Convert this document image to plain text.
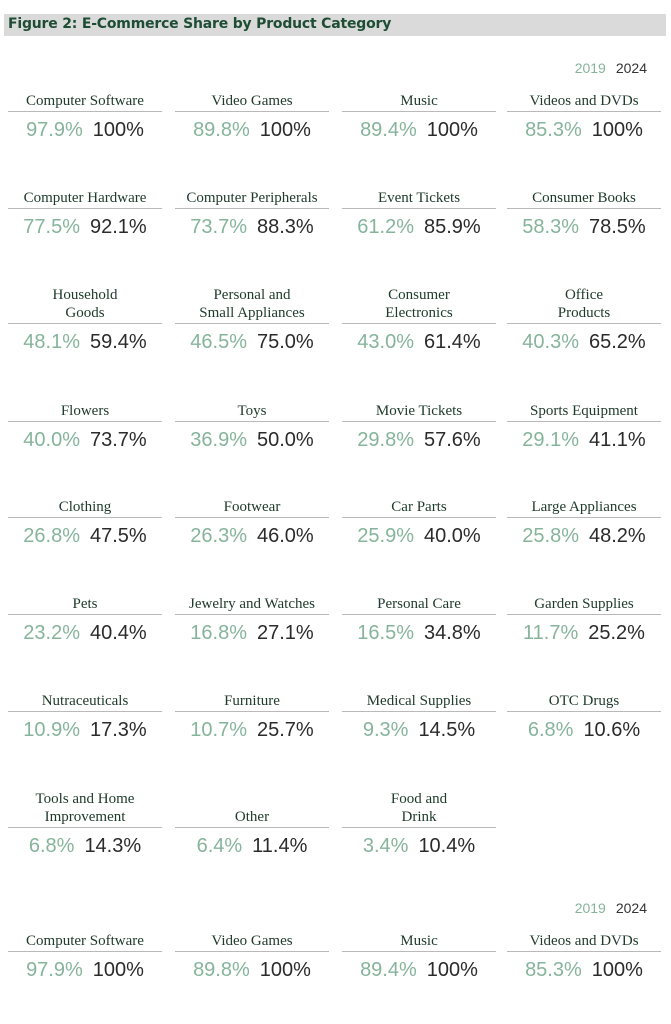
Figure 2: E-Commerce Share by Product Category
2019 2024
2019 2024
Computer Software
97.9% 100%
Video Games
89.8% 100%
Music
89.4% 100%
Videos and DVDs
85.3% 100%
Computer Hardware
77.5% 92.1%
Computer Peripherals
73.7% 88.3%
Event Tickets
61.2% 85.9%
Consumer Books
58.3% 78.5%
Household
Goods
48.1% 59.4%
Personal and
Small Appliances
46.5% 75.0%
Consumer
Electronics
43.0% 61.4%
Office
Products
40.3% 65.2%
Flowers
40.0% 73.7%
Toys
36.9% 50.0%
Movie Tickets
29.8% 57.6%
Sports Equipment
29.1% 41.1%
Clothing
26.8% 47.5%
Footwear
26.3% 46.0%
Car Parts
25.9% 40.0%
Large Appliances
25.8% 48.2%
Pets
23.2% 40.4%
Jewelry and Watches
16.8% 27.1%
Personal Care
16.5% 34.8%
Garden Supplies
11.7% 25.2%
Nutraceuticals
10.9% 17.3%
Furniture
10.7% 25.7%
Medical Supplies
9.3% 14.5%
OTC Drugs
6.8% 10.6%
Tools and Home
Improvement
6.8% 14.3%
Other
6.4% 11.4%
Food and
Drink
3.4% 10.4%
Computer Software
97.9% 100%
Video Games
89.8% 100%
Music
89.4% 100%
Videos and DVDs
85.3% 100%
